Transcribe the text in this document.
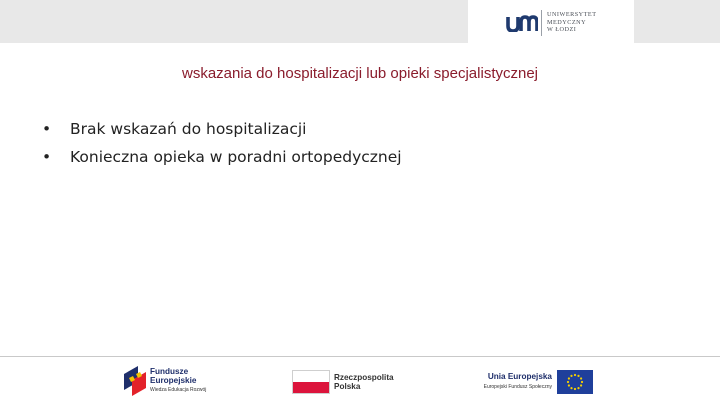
UNIWERSYTET
MEDYCZNY
W ŁODZI
wskazania do hospitalizacji lub opieki specjalistycznej
• Brak wskazań do hospitalizacji
• Konieczna opieka w poradni ortopedycznej
Fundusze
Europejskie
Wiedza Edukacja Rozwój
Rzeczpospolita
Polska
Unia Europejska
Europejski Fundusz Społeczny
